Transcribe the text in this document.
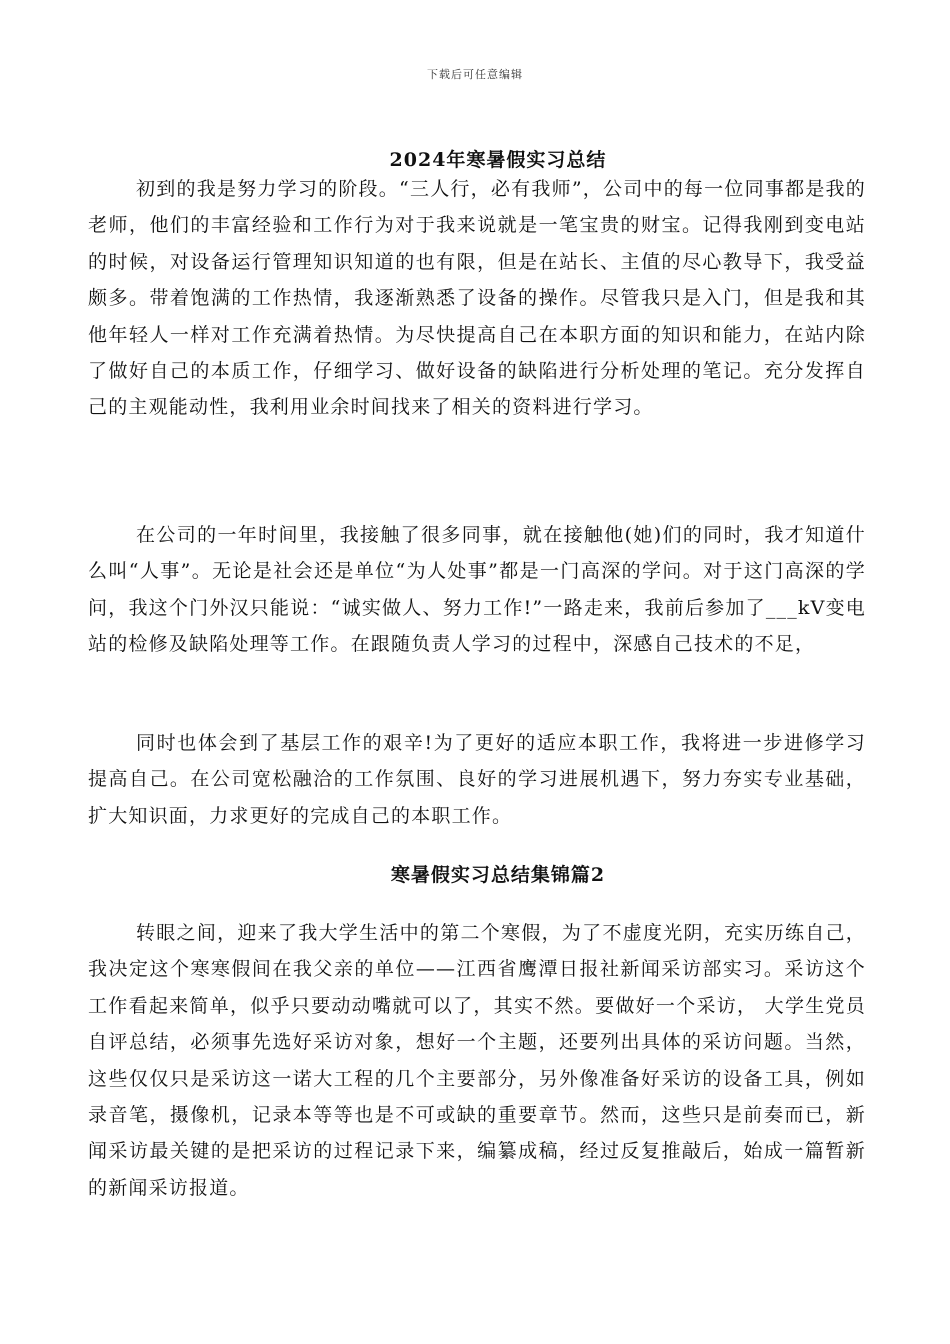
下载后可任意编辑
2024年寒暑假实习总结

初到的我是努力学习的阶段。“三人行，必有我师”，公司中的每一位同事都是我的老师，他们的丰富经验和工作行为对于我来说就是一笔宝贵的财宝。记得我刚到变电站的时候，对设备运行管理知识知道的也有限，但是在站长、主值的尽心教导下，我受益颇多。带着饱满的工作热情，我逐渐熟悉了设备的操作。尽管我只是入门，但是我和其他年轻人一样对工作充满着热情。为尽快提高自己在本职方面的知识和能力，在站内除了做好自己的本质工作，仔细学习、做好设备的缺陷进行分析处理的笔记。充分发挥自己的主观能动性，我利用业余时间找来了相关的资料进行学习。

在公司的一年时间里，我接触了很多同事，就在接触他(她)们的同时，我才知道什么叫“人事”。无论是社会还是单位“为人处事”都是一门高深的学问。对于这门高深的学问，我这个门外汉只能说：“诚实做人、努力工作!”一路走来，我前后参加了___kV变电站的检修及缺陷处理等工作。在跟随负责人学习的过程中，深感自己技术的不足，

同时也体会到了基层工作的艰辛!为了更好的适应本职工作，我将进一步进修学习提高自己。在公司宽松融洽的工作氛围、良好的学习进展机遇下，努力夯实专业基础，扩大知识面，力求更好的完成自己的本职工作。

寒暑假实习总结集锦篇2

转眼之间，迎来了我大学生活中的第二个寒假，为了不虚度光阴，充实历练自己，我决定这个寒寒假间在我父亲的单位——江西省鹰潭日报社新闻采访部实习。采访这个工作看起来简单，似乎只要动动嘴就可以了，其实不然。要做好一个采访， 大学生党员自评总结，必须事先选好采访对象，想好一个主题，还要列出具体的采访问题。当然，这些仅仅只是采访这一诺大工程的几个主要部分，另外像准备好采访的设备工具，例如录音笔，摄像机，记录本等等也是不可或缺的重要章节。然而，这些只是前奏而已，新闻采访最关键的是把采访的过程记录下来，编纂成稿，经过反复推敲后，始成一篇暂新的新闻采访报道。
